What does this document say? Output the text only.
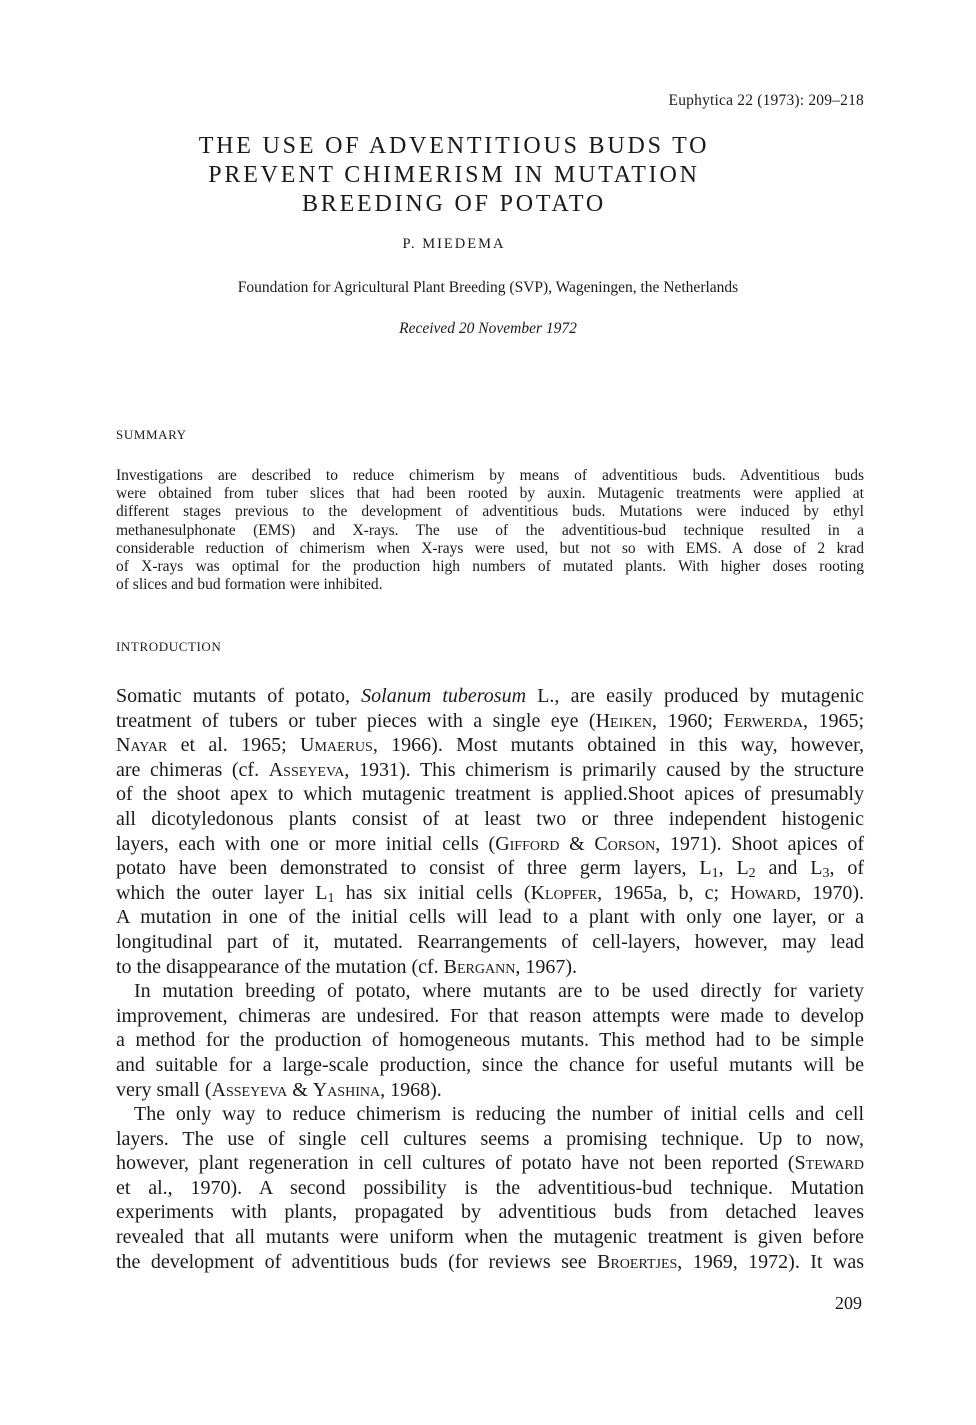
Euphytica 22 (1973): 209–218
THE USE OF ADVENTITIOUS BUDS TO
PREVENT CHIMERISM IN MUTATION
BREEDING OF POTATO
P. MIEDEMA
Foundation for Agricultural Plant Breeding (SVP), Wageningen, the Netherlands
Received 20 November 1972
SUMMARY

Investigations are described to reduce chimerism by means of adventitious buds. Adventitious buds
were obtained from tuber slices that had been rooted by auxin. Mutagenic treatments were applied at
different stages previous to the development of adventitious buds. Mutations were induced by ethyl
methanesulphonate (EMS) and X-rays. The use of the adventitious-bud technique resulted in a
considerable reduction of chimerism when X-rays were used, but not so with EMS. A dose of 2 krad
of X-rays was optimal for the production high numbers of mutated plants. With higher doses rooting
of slices and bud formation were inhibited.

INTRODUCTION
Somatic mutants of potato, Solanum tuberosum L., are easily produced by mutagenic
treatment of tubers or tuber pieces with a single eye (Heiken, 1960; Ferwerda, 1965;
Nayar et al. 1965; Umaerus, 1966). Most mutants obtained in this way, however,
are chimeras (cf. Asseyeva, 1931). This chimerism is primarily caused by the structure
of the shoot apex to which mutagenic treatment is applied.Shoot apices of presumably
all dicotyledonous plants consist of at least two or three independent histogenic
layers, each with one or more initial cells (Gifford & Corson, 1971). Shoot apices of
potato have been demonstrated to consist of three germ layers, $L_1$, $L_2$ and $L_3$, of
which the outer layer $L_1$ has six initial cells (Klopfer, 1965a, b, c; Howard, 1970).
A mutation in one of the initial cells will lead to a plant with only one layer, or a
longitudinal part of it, mutated. Rearrangements of cell-layers, however, may lead
to the disappearance of the mutation (cf. Bergann, 1967).
In mutation breeding of potato, where mutants are to be used directly for variety
improvement, chimeras are undesired. For that reason attempts were made to develop
a method for the production of homogeneous mutants. This method had to be simple
and suitable for a large-scale production, since the chance for useful mutants will be
very small (Asseyeva & Yashina, 1968).
The only way to reduce chimerism is reducing the number of initial cells and cell
layers. The use of single cell cultures seems a promising technique. Up to now,
however, plant regeneration in cell cultures of potato have not been reported (Steward
et al., 1970). A second possibility is the adventitious-bud technique. Mutation
experiments with plants, propagated by adventitious buds from detached leaves
revealed that all mutants were uniform when the mutagenic treatment is given before
the development of adventitious buds (for reviews see Broertjes, 1969, 1972). It was
209
